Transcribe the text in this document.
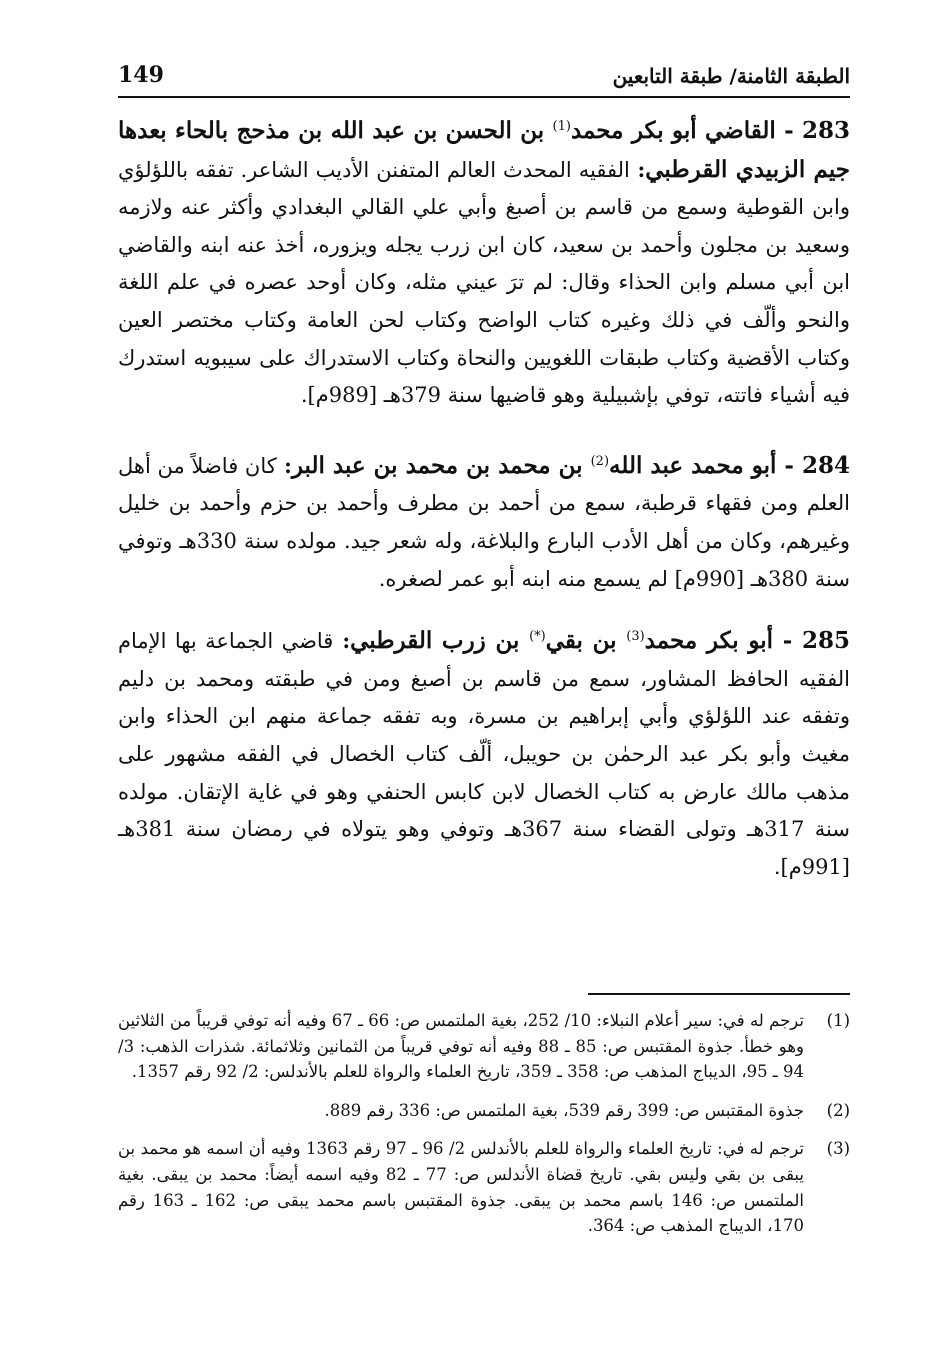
الطبقة الثامنة/ طبقة التابعين
149

283 - القاضي أبو بكر محمد$^{(1)}$ بن الحسن بن عبد الله بن مذحج بالحاء بعدها جيم الزبيدي القرطبي: الفقيه المحدث العالم المتفنن الأديب الشاعر. تفقه باللؤلؤي وابن القوطية وسمع من قاسم بن أصبغ وأبي علي القالي البغدادي وأكثر عنه ولازمه وسعيد بن مجلون وأحمد بن سعيد، كان ابن زرب يجله ويزوره، أخذ عنه ابنه والقاضي ابن أبي مسلم وابن الحذاء وقال: لم ترَ عيني مثله، وكان أوحد عصره في علم اللغة والنحو وألّف في ذلك وغيره كتاب الواضح وكتاب لحن العامة وكتاب مختصر العين وكتاب الأقضية وكتاب طبقات اللغويين والنحاة وكتاب الاستدراك على سيبويه استدرك فيه أشياء فاتته، توفي بإشبيلية وهو قاضيها سنة 379هـ [989م].

284 - أبو محمد عبد الله$^{(2)}$ بن محمد بن محمد بن عبد البر: كان فاضلاً من أهل العلم ومن فقهاء قرطبة، سمع من أحمد بن مطرف وأحمد بن حزم وأحمد بن خليل وغيرهم، وكان من أهل الأدب البارع والبلاغة، وله شعر جيد. مولده سنة 330هـ وتوفي سنة 380هـ [990م] لم يسمع منه ابنه أبو عمر لصغره.

285 - أبو بكر محمد$^{(3)}$ بن بقي(*) بن زرب القرطبي: قاضي الجماعة بها الإمام الفقيه الحافظ المشاور، سمع من قاسم بن أصبغ ومن في طبقته ومحمد بن دليم وتفقه عند اللؤلؤي وأبي إبراهيم بن مسرة، وبه تفقه جماعة منهم ابن الحذاء وابن مغيث وأبو بكر عبد الرحمٰن بن حويبل، ألّف كتاب الخصال في الفقه مشهور على مذهب مالك عارض به كتاب الخصال لابن كابس الحنفي وهو في غاية الإتقان. مولده سنة 317هـ وتولى القضاء سنة 367هـ وتوفي وهو يتولاه في رمضان سنة 381هـ [991م].

(1)
ترجم له في: سير أعلام النبلاء: 10/ 252، بغية الملتمس ص: 66 ـ 67 وفيه أنه توفي قريباً من الثلاثين وهو خطأ. جذوة المقتبس ص: 85 ـ 88 وفيه أنه توفي قريباً من الثمانين وثلاثمائة. شذرات الذهب: 3/ 94 ـ 95، الديباج المذهب ص: 358 ـ 359، تاريخ العلماء والرواة للعلم بالأندلس: 2/ 92 رقم 1357.
(2)
جذوة المقتبس ص: 399 رقم 539، بغية الملتمس ص: 336 رقم 889.
(3)
ترجم له في: تاريخ العلماء والرواة للعلم بالأندلس 2/ 96 ـ 97 رقم 1363 وفيه أن اسمه هو محمد بن يبقى بن بقي وليس بقي. تاريخ قضاة الأندلس ص: 77 ـ 82 وفيه اسمه أيضاً: محمد بن يبقى. بغية الملتمس ص: 146 باسم محمد بن يبقى. جذوة المقتبس باسم محمد يبقى ص: 162 ـ 163 رقم 170، الديباج المذهب ص: 364.
